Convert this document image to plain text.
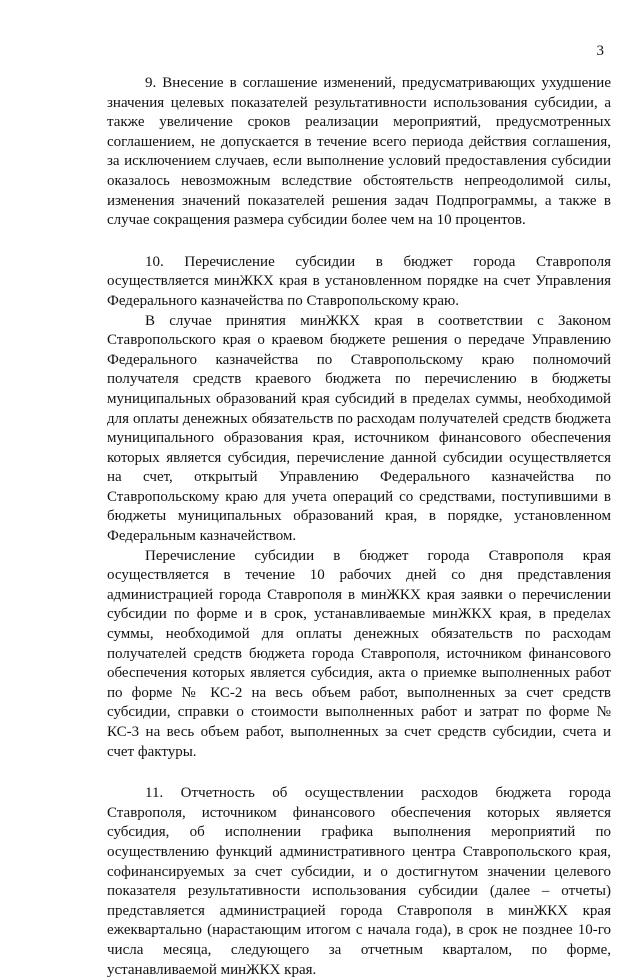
3

9. Внесение в соглашение изменений, предусматривающих ухудшение значения целевых показателей результативности использования субсидии, а также увеличение сроков реализации мероприятий, предусмотренных соглашением, не допускается в течение всего периода действия соглашения, за исключением случаев, если выполнение условий предоставления субсидии оказалось невозможным вследствие обстоятельств непреодолимой силы, изменения значений показателей решения задач Подпрограммы, а также в случае сокращения размера субсидии более чем на 10 процентов.

10. Перечисление субсидии в бюджет города Ставрополя осуществляется минЖКХ края в установленном порядке на счет Управления Федерального казначейства по Ставропольскому краю.

В случае принятия минЖКХ края в соответствии с Законом Ставропольского края о краевом бюджете решения о передаче Управлению Федерального казначейства по Ставропольскому краю полномочий получателя средств краевого бюджета по перечислению в бюджеты муниципальных образований края субсидий в пределах суммы, необходимой для оплаты денежных обязательств по расходам получателей средств бюджета муниципального образования края, источником финансового обеспечения которых является субсидия, перечисление данной субсидии осуществляется на счет, открытый Управлению Федерального казначейства по Ставропольскому краю для учета операций со средствами, поступившими в бюджеты муниципальных образований края, в порядке, установленном Федеральным казначейством.

Перечисление субсидии в бюджет города Ставрополя края осуществляется в течение 10 рабочих дней со дня представления администрацией города Ставрополя в минЖКХ края заявки о перечислении субсидии по форме и в срок, устанавливаемые минЖКХ края, в пределах суммы, необходимой для оплаты денежных обязательств по расходам получателей средств бюджета города Ставрополя, источником финансового обеспечения которых является субсидия, акта о приемке выполненных работ по форме № КС-2 на весь объем работ, выполненных за счет средств субсидии, справки о стоимости выполненных работ и затрат по форме № КС-3 на весь объем работ, выполненных за счет средств субсидии, счета и счет фактуры.

11. Отчетность об осуществлении расходов бюджета города Ставрополя, источником финансового обеспечения которых является субсидия, об исполнении графика выполнения мероприятий по осуществлению функций административного центра Ставропольского края, софинансируемых за счет субсидии, и о достигнутом значении целевого показателя результативности использования субсидии (далее – отчеты) представляется администрацией города Ставрополя в минЖКХ края ежеквартально (нарастающим итогом с начала года), в срок не позднее 10-го числа месяца, следующего за отчетным кварталом, по форме, устанавливаемой минЖКХ края.
